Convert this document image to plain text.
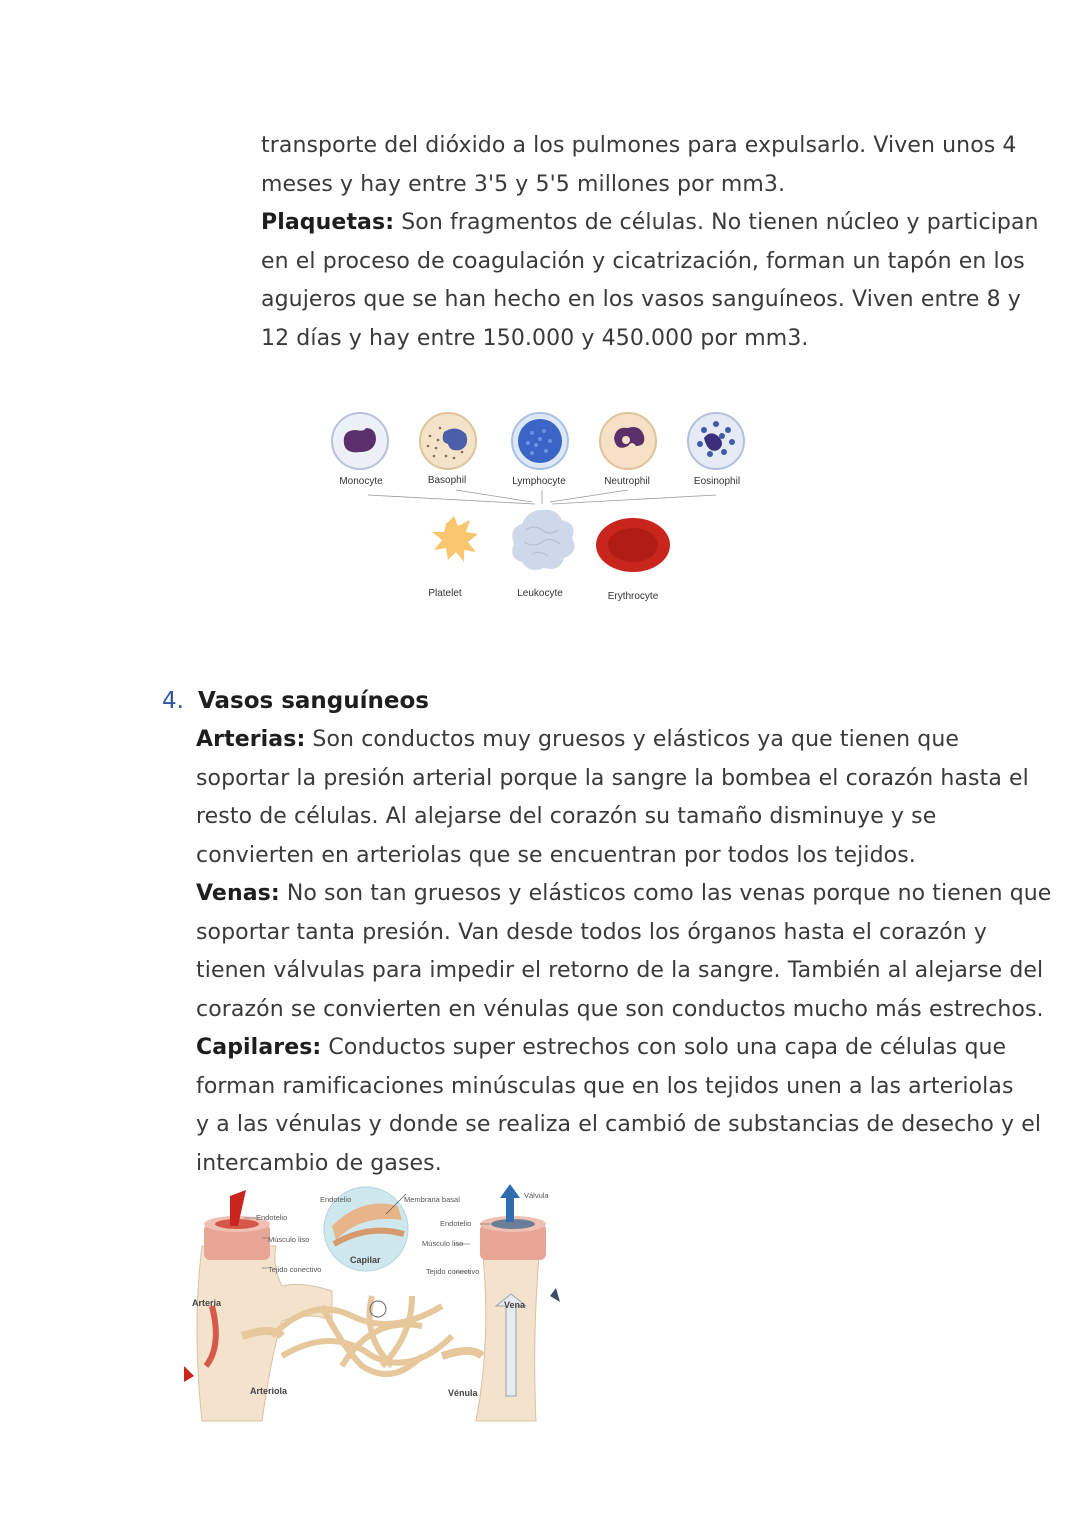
transporte del dióxido a los pulmones para expulsarlo. Viven unos 4

meses y hay entre 3'5 y 5'5 millones por mm3.

Plaquetas: Son fragmentos de células. No tienen núcleo y participan

en el proceso de coagulación y cicatrización, forman un tapón en los

agujeros que se han hecho en los vasos sanguíneos. Viven entre 8 y

12 días y hay entre 150.000 y 450.000 por mm3.

Monocyte	Basophil	Lymphocyte	Neutrophil	Eosinophil
Platelet	Leukocyte	Erythrocyte
4. Vasos sanguíneos

Arterias: Son conductos muy gruesos y elásticos ya que tienen que

soportar la presión arterial porque la sangre la bombea el corazón hasta el

resto de células. Al alejarse del corazón su tamaño disminuye y se

convierten en arteriolas que se encuentran por todos los tejidos.

Venas: No son tan gruesos y elásticos como las venas porque no tienen que

soportar tanta presión. Van desde todos los órganos hasta el corazón y

tienen válvulas para impedir el retorno de la sangre. También al alejarse del

corazón se convierten en vénulas que son conductos mucho más estrechos.

Capilares: Conductos super estrechos con solo una capa de células que

forman ramificaciones minúsculas que en los tejidos unen a las arteriolas

y a las vénulas y donde se realiza el cambió de substancias de desecho y el

intercambio de gases.

Endotelio	Membrana basal	Válvula
Endotelio
Músculo liso
Tejido conectivo
Capilar
Endotelio
Músculo liso
Tejido conectivo
Arteria	Vena
Arteriola	Vénula
